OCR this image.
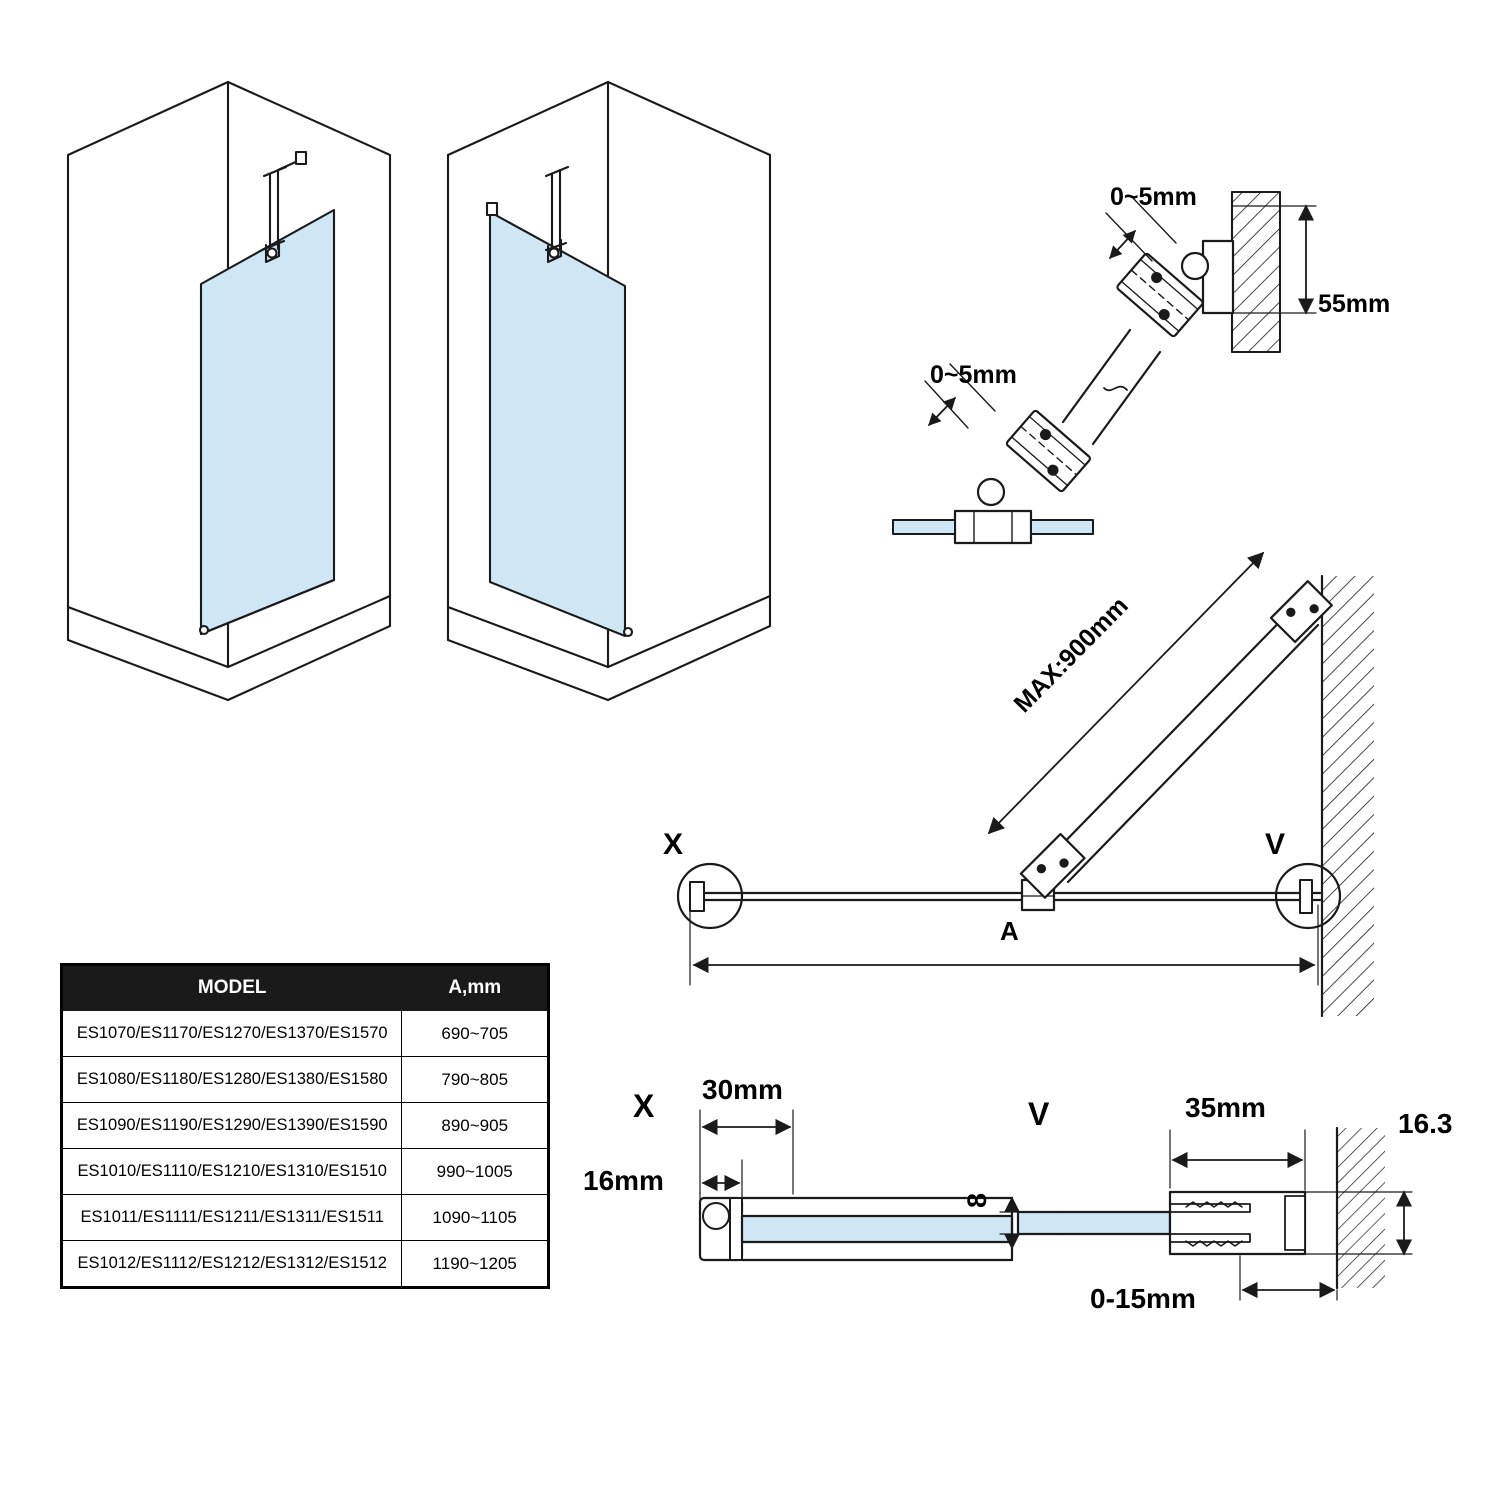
0~5mm
0~5mm
55mm
MAX:900mm
A
X	V
X 30mm
16mm
V	35mm
16.3
8
0-15mm
MODEL	A,mm
ES1070/ES1170/ES1270/ES1370/ES1570	690~705
ES1080/ES1180/ES1280/ES1380/ES1580	790~805
ES1090/ES1190/ES1290/ES1390/ES1590	890~905
ES1010/ES1110/ES1210/ES1310/ES1510	990~1005
ES1011/ES1111/ES1211/ES1311/ES1511	1090~1105
ES1012/ES1112/ES1212/ES1312/ES1512	1190~1205
